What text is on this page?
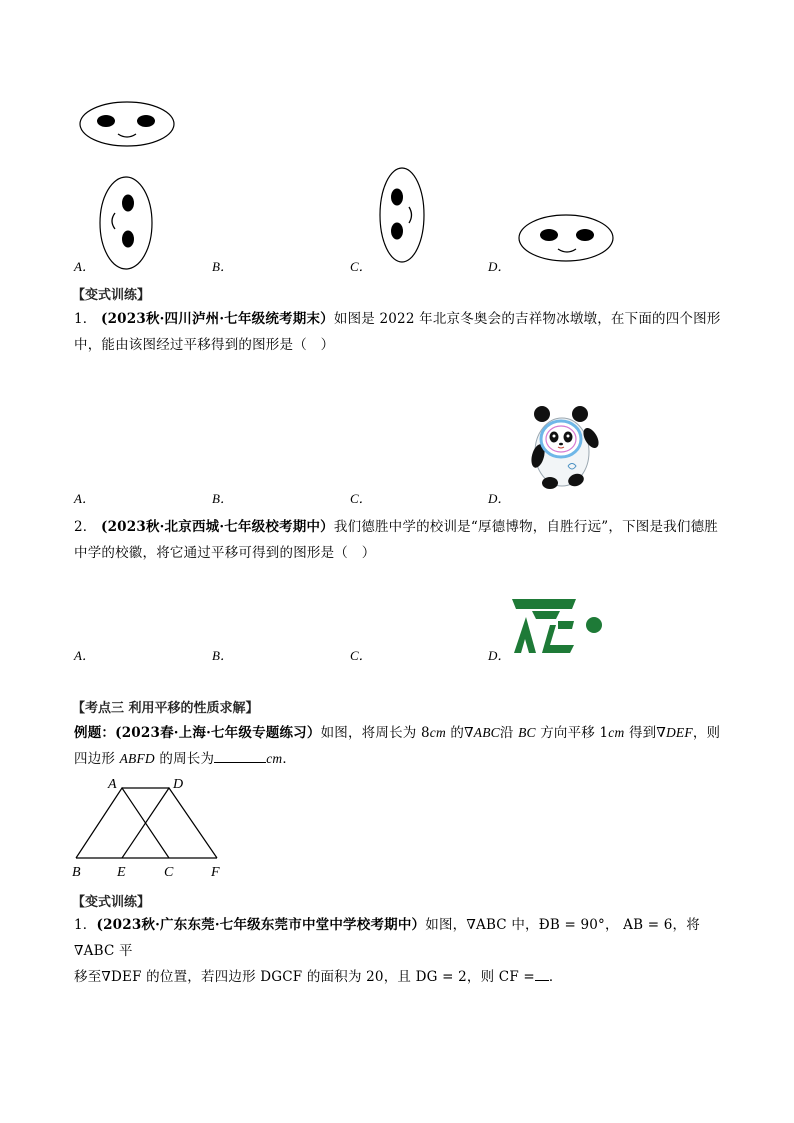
A．	B．	C．	D．
【变式训练】
1． (2023秋·四川泸州·七年级统考期末）如图是 2022 年北京冬奥会的吉祥物冰墩墩，在下面的四个图形中，能由该图经过平移得到的图形是（　）
A．	B．	C．	D．
2． (2023秋·北京西城·七年级校考期中）我们德胜中学的校训是“厚德博物，自胜行远”，下图是我们德胜中学的校徽，将它通过平移可得到的图形是（　）
A．	B．	C．	D．
【考点三 利用平移的性质求解】
例题：(2023春·上海·七年级专题练习）如图，将周长为 8cm 的∇ABC沿 BC 方向平移 1cm 得到∇DEF，则四边形 ABFD 的周长为	cm．
A	D
B	E	C	F
【变式训练】
1．(2023秋·广东东莞·七年级东莞市中堂中学校考期中）如图，∇ABC 中，ÐB = 90°， AB = 6，将∇ABC 平
移至∇DEF 的位置，若四边形 DGCF 的面积为 20，且 DG = 2，则 CF = ．
